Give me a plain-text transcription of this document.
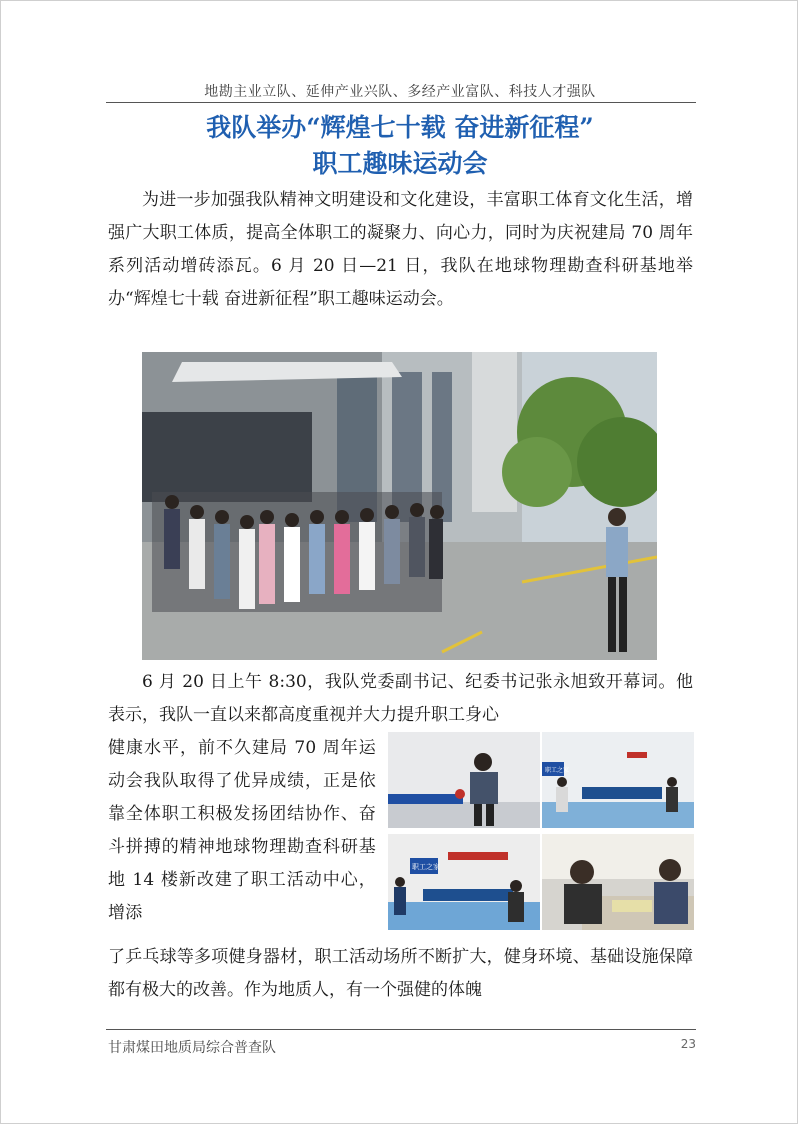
地勘主业立队、延伸产业兴队、多经产业富队、科技人才强队
我队举办“辉煌七十载 奋进新征程”
职工趣味运动会
为进一步加强我队精神文明建设和文化建设，丰富职工体育文化生活，增强广大职工体质，提高全体职工的凝聚力、向心力，同时为庆祝建局 70 周年系列活动增砖添瓦。6 月 20 日—21 日，我队在地球物理勘查科研基地举办“辉煌七十载 奋进新征程”职工趣味运动会。
6 月 20 日上午 8:30，我队党委副书记、纪委书记张永旭致开幕词。他表示，我队一直以来都高度重视并大力提升职工身心
健康水平，前不久建局 70 周年运动会我队取得了优异成绩，正是依靠全体职工积极发扬团结协作、奋斗拼搏的精神地球物理勘查科研基地 14 楼新改建了职工活动中心，增添
职工之家
职工之家
了乒乓球等多项健身器材，职工活动场所不断扩大，健身环境、基础设施保障都有极大的改善。作为地质人，有一个强健的体魄
甘肃煤田地质局综合普查队	23
